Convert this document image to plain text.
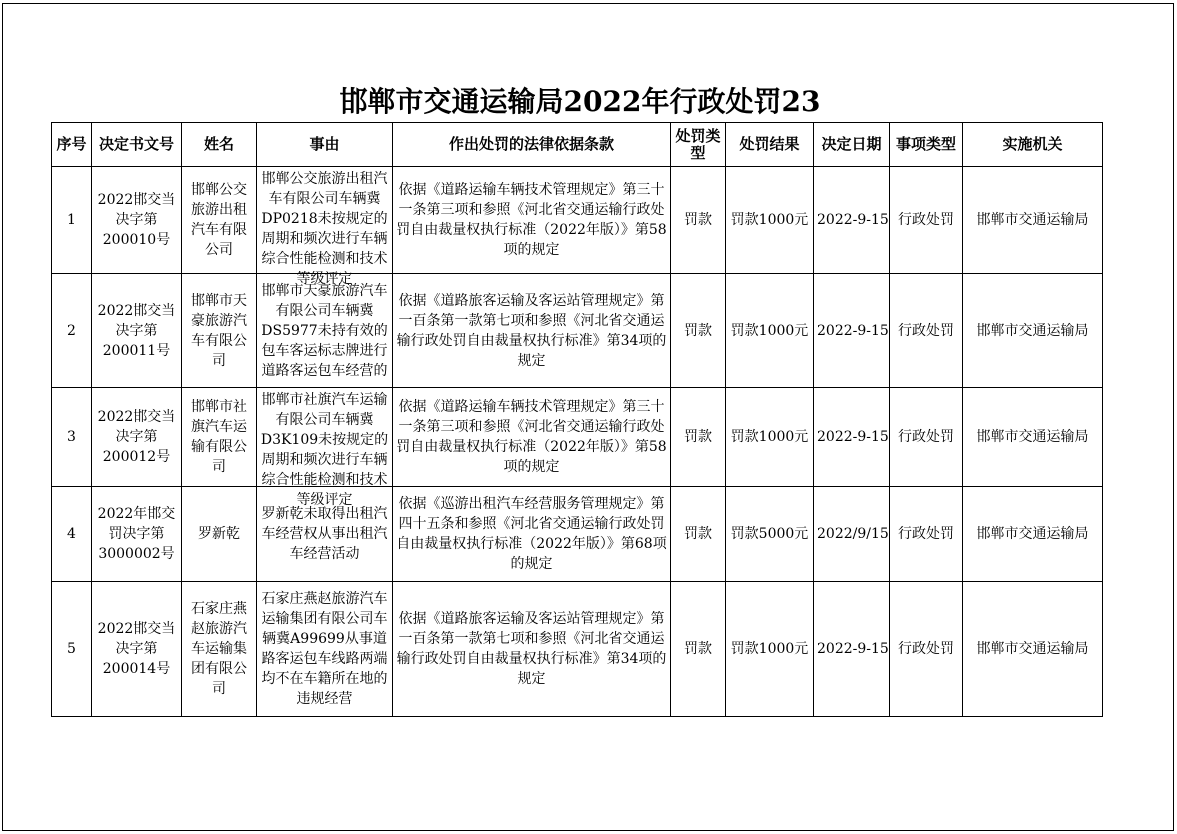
邯郸市交通运输局2022年行政处罚23
序号	决定书文号	姓名	事由	作出处罚的法律依据条款	处罚类型	处罚结果	决定日期	事项类型	实施机关
1	2022邯交当决字第200010号	邯郸公交旅游出租汽车有限公司	邯郸公交旅游出租汽车有限公司车辆冀DP0218未按规定的周期和频次进行车辆综合性能检测和技术等级评定	依据《道路运输车辆技术管理规定》第三十一条第三项和参照《河北省交通运输行政处罚自由裁量权执行标准（2022年版）》第58项的规定	罚款	罚款1000元	2022-9-15	行政处罚	邯郸市交通运输局

2	2022邯交当决字第200011号	邯郸市天豪旅游汽车有限公司	邯郸市天豪旅游汽车有限公司车辆冀DS5977未持有效的包车客运标志牌进行道路客运包车经营的	依据《道路旅客运输及客运站管理规定》第一百条第一款第七项和参照《河北省交通运输行政处罚自由裁量权执行标准》第34项的规定	罚款	罚款1000元	2022-9-15	行政处罚	邯郸市交通运输局

3	2022邯交当决字第200012号	邯郸市社旗汽车运输有限公司	邯郸市社旗汽车运输有限公司车辆冀D3K109未按规定的周期和频次进行车辆综合性能检测和技术等级评定	依据《道路运输车辆技术管理规定》第三十一条第三项和参照《河北省交通运输行政处罚自由裁量权执行标准（2022年版）》第58项的规定	罚款	罚款1000元	2022-9-15	行政处罚	邯郸市交通运输局

4	2022年邯交罚决字第3000002号	罗新乾	罗新乾未取得出租汽车经营权从事出租汽车经营活动	依据《巡游出租汽车经营服务管理规定》第四十五条和参照《河北省交通运输行政处罚自由裁量权执行标准（2022年版）》第68项的规定	罚款	罚款5000元	2022/9/15	行政处罚	邯郸市交通运输局

5	2022邯交当决字第200014号	石家庄燕赵旅游汽车运输集团有限公司	石家庄燕赵旅游汽车运输集团有限公司车辆冀A99699从事道路客运包车线路两端均不在车籍所在地的违规经营	依据《道路旅客运输及客运站管理规定》第一百条第一款第七项和参照《河北省交通运输行政处罚自由裁量权执行标准》第34项的规定	罚款	罚款1000元	2022-9-15	行政处罚	邯郸市交通运输局
